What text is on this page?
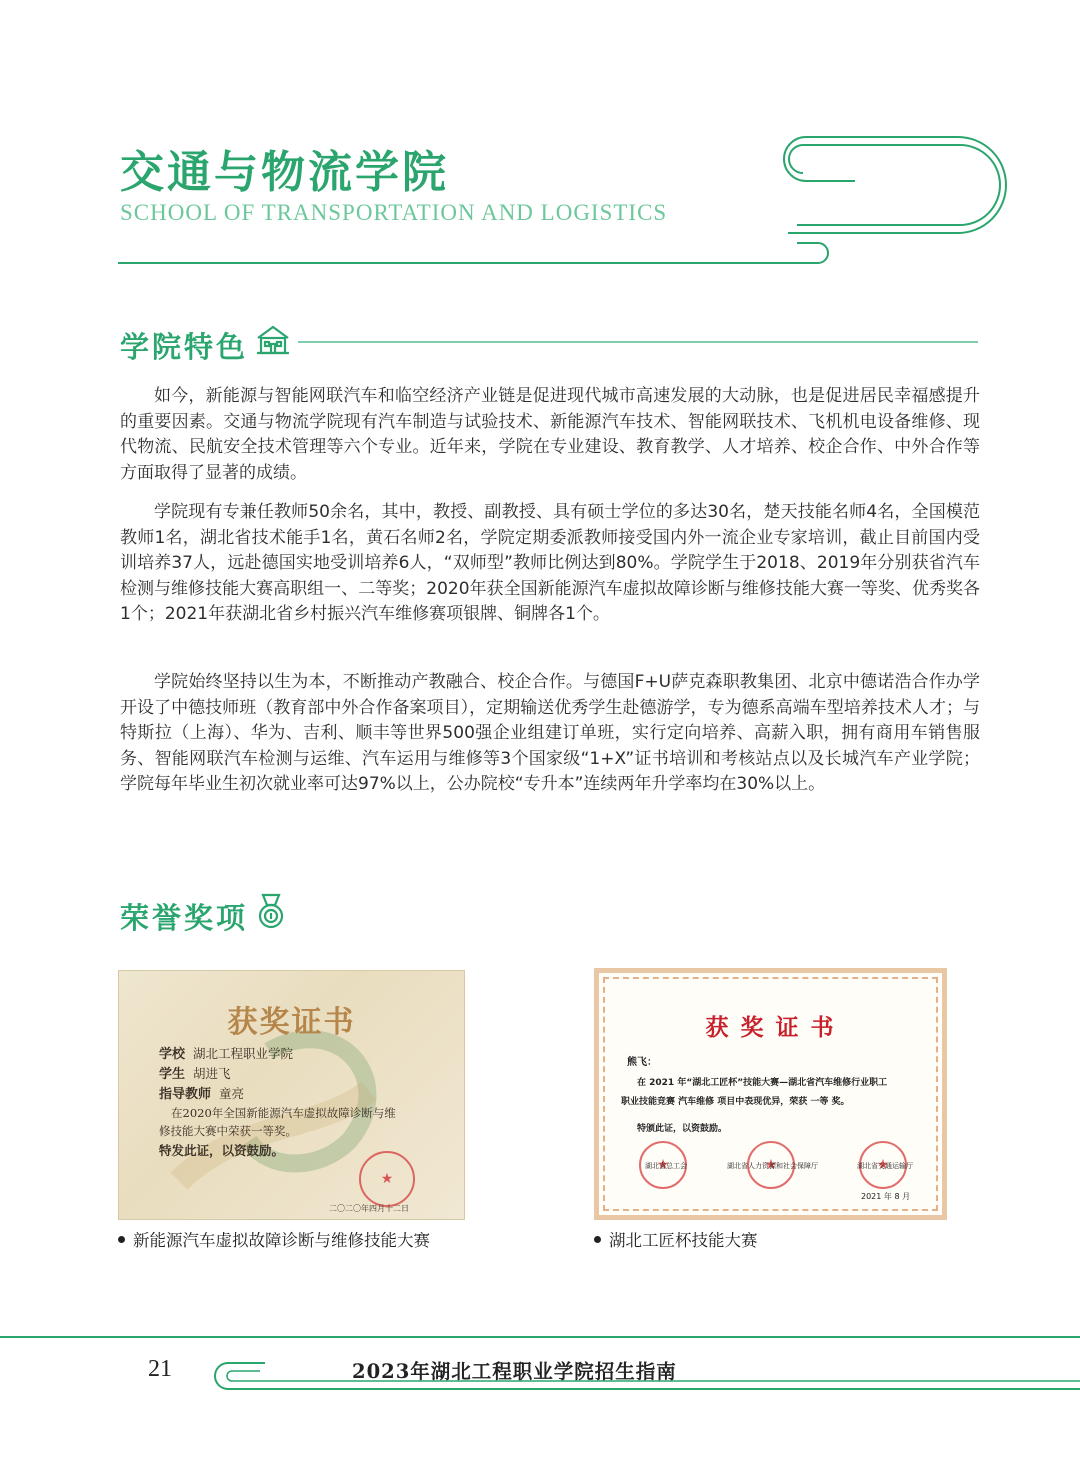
交通与物流学院
SCHOOL OF TRANSPORTATION AND LOGISTICS
学院特色

如今，新能源与智能网联汽车和临空经济产业链是促进现代城市高速发展的大动脉，也是促进居民幸福感提升的重要因素。交通与物流学院现有汽车制造与试验技术、新能源汽车技术、智能网联技术、飞机机电设备维修、现代物流、民航安全技术管理等六个专业。近年来，学院在专业建设、教育教学、人才培养、校企合作、中外合作等方面取得了显著的成绩。

学院现有专兼任教师50余名，其中，教授、副教授、具有硕士学位的多达30名，楚天技能名师4名，全国模范教师1名，湖北省技术能手1名，黄石名师2名，学院定期委派教师接受国内外一流企业专家培训，截止目前国内受训培养37人，远赴德国实地受训培养6人，“双师型”教师比例达到80%。学院学生于2018、2019年分别获省汽车检测与维修技能大赛高职组一、二等奖；2020年获全国新能源汽车虚拟故障诊断与维修技能大赛一等奖、优秀奖各1个；2021年获湖北省乡村振兴汽车维修赛项银牌、铜牌各1个。

学院始终坚持以生为本，不断推动产教融合、校企合作。与德国F+U萨克森职教集团、北京中德诺浩合作办学开设了中德技师班（教育部中外合作备案项目），定期输送优秀学生赴德游学，专为德系高端车型培养技术人才；与特斯拉（上海）、华为、吉利、顺丰等世界500强企业组建订单班，实行定向培养、高薪入职，拥有商用车销售服务、智能网联汽车检测与运维、汽车运用与维修等3个国家级“1+X”证书培训和考核站点以及长城汽车产业学院；学院每年毕业生初次就业率可达97%以上，公办院校“专升本”连续两年升学率均在30%以上。

荣誉奖项
获奖证书
学校 湖北工程职业学院
学生 胡进飞
指导教师 童亮
在2020年全国新能源汽车虚拟故障诊断与维
修技能大赛中荣获一等奖。
特发此证，以资鼓励。
★
二〇二〇年四月十二日
新能源汽车虚拟故障诊断与维修技能大赛
获 奖 证 书
熊飞：
在 2021 年“湖北工匠杯”技能大赛—湖北省汽车维修行业职工
职业技能竞赛 汽车维修 项目中表现优异，荣获 一等 奖。
特颁此证，以资鼓励。
★
★
★
湖北省总工会	湖北省人力资源和社会保障厅	湖北省交通运输厅
2021 年 8 月
湖北工匠杯技能大赛
21	2023年湖北工程职业学院招生指南
